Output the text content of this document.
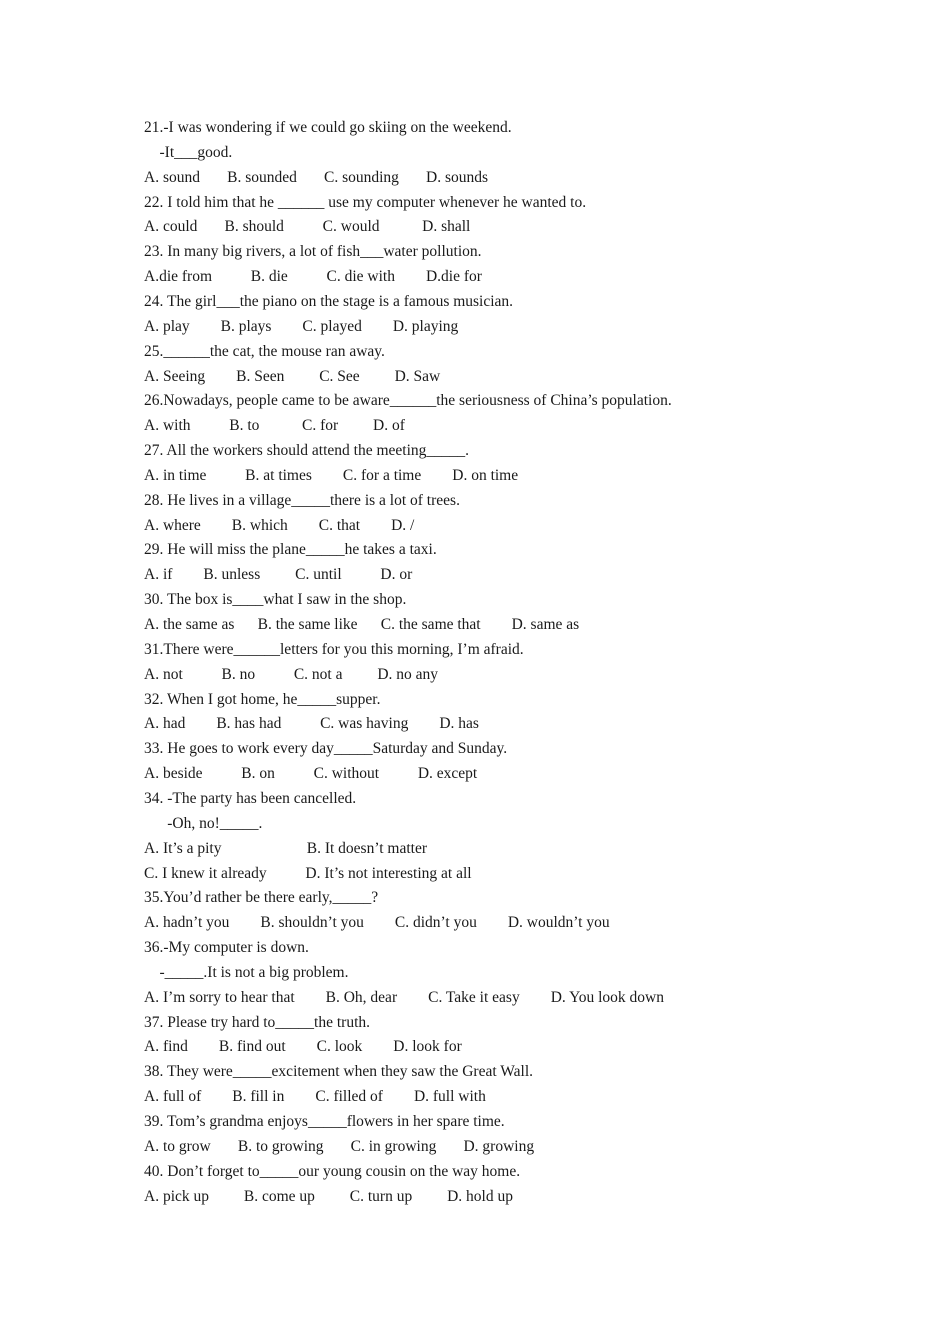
21.-I was wondering if we could go skiing on the weekend.
-It___good.
A. sound       B. sounded       C. sounding       D. sounds
22. I told him that he ______ use my computer whenever he wanted to.
A. could       B. should          C. would           D. shall
23. In many big rivers, a lot of fish___water pollution.
A.die from          B. die          C. die with        D.die for
24. The girl___the piano on the stage is a famous musician.
A. play        B. plays        C. played        D. playing
25.______the cat, the mouse ran away.
A. Seeing        B. Seen         C. See         D. Saw
26.Nowadays, people came to be aware______the seriousness of China’s population.
A. with          B. to           C. for         D. of
27. All the workers should attend the meeting_____.
A. in time          B. at times        C. for a time        D. on time
28. He lives in a village_____there is a lot of trees.
A. where        B. which        C. that        D. /
29. He will miss the plane_____he takes a taxi.
A. if        B. unless         C. until          D. or
30. The box is____what I saw in the shop.
A. the same as      B. the same like      C. the same that        D. same as
31.There were______letters for you this morning, I’m afraid.
A. not          B. no          C. not a         D. no any
32. When I got home, he_____supper.
A. had        B. has had          C. was having        D. has
33. He goes to work every day_____Saturday and Sunday.
A. beside          B. on          C. without          D. except
34. -The party has been cancelled.
-Oh, no!_____.
A. It’s a pity                      B. It doesn’t matter
C. I knew it already          D. It’s not interesting at all
35.You’d rather be there early,_____?
A. hadn’t you        B. shouldn’t you        C. didn’t you        D. wouldn’t you
36.-My computer is down.
-_____.It is not a big problem.
A. I’m sorry to hear that        B. Oh, dear        C. Take it easy        D. You look down
37. Please try hard to_____the truth.
A. find        B. find out        C. look        D. look for
38. They were_____excitement when they saw the Great Wall.
A. full of        B. fill in        C. filled of        D. full with
39. Tom’s grandma enjoys_____flowers in her spare time.
A. to grow       B. to growing       C. in growing       D. growing
40. Don’t forget to_____our young cousin on the way home.
A. pick up         B. come up         C. turn up         D. hold up
